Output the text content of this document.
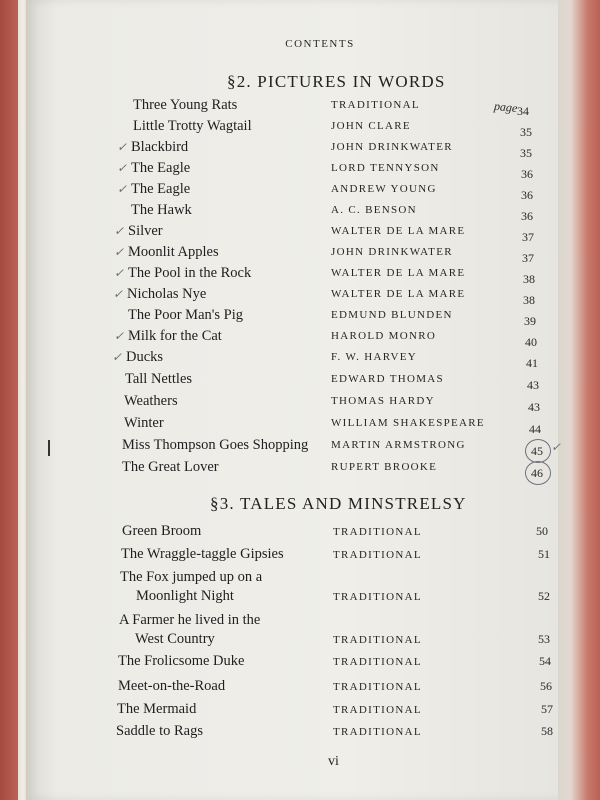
CONTENTS
§2. PICTURES IN WORDS
page
§3. TALES AND MINSTRELSY
vi
Three Young Rats	TRADITIONAL	34
Little Trotty Wagtail	JOHN CLARE	35
Blackbird	JOHN DRINKWATER	35
✓
The Eagle	LORD TENNYSON	36
✓
The Eagle	ANDREW YOUNG	36
✓
The Hawk	A. C. BENSON	36
Silver	WALTER DE LA MARE	37
✓
Moonlit Apples	JOHN DRINKWATER	37
✓
The Pool in the Rock	WALTER DE LA MARE	38
✓
Nicholas Nye	WALTER DE LA MARE	38
✓
The Poor Man's Pig	EDMUND BLUNDEN	39
Milk for the Cat	HAROLD MONRO	40
✓
Ducks	F. W. HARVEY	41
✓
Tall Nettles	EDWARD THOMAS	43
Weathers	THOMAS HARDY	43
Winter	WILLIAM SHAKESPEARE	44
Miss Thompson Goes Shopping MARTIN ARMSTRONG	45 ✓
The Great Lover	RUPERT BROOKE	46
Green Broom	TRADITIONAL	50
The Wraggle-taggle Gipsies	TRADITIONAL	51
The Fox jumped up on a
Moonlight Night	TRADITIONAL	52
A Farmer he lived in the
West Country	TRADITIONAL	53
The Frolicsome Duke	TRADITIONAL	54
Meet-on-the-Road	TRADITIONAL	56
The Mermaid	TRADITIONAL	57
Saddle to Rags	TRADITIONAL	58
